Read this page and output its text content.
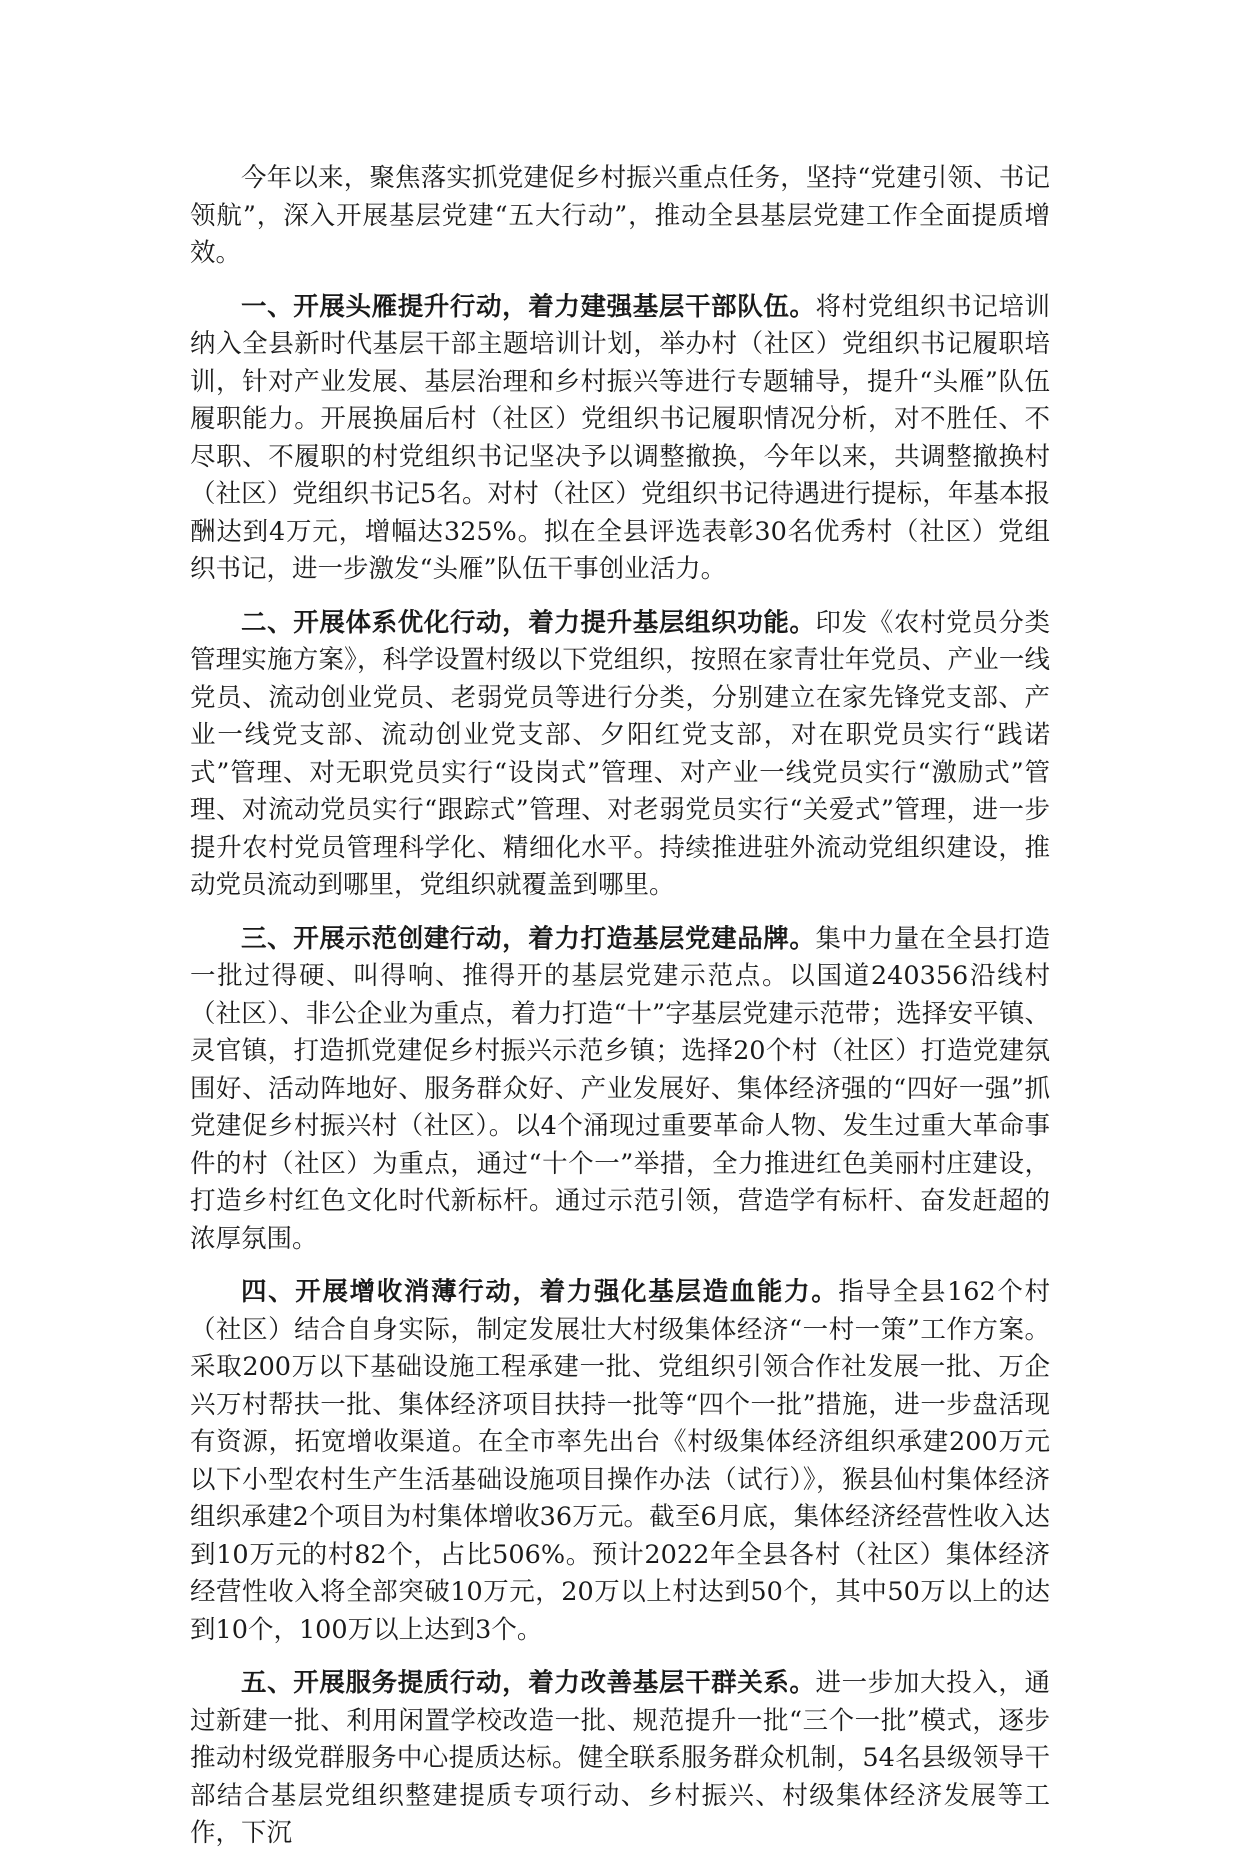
今年以来，聚焦落实抓党建促乡村振兴重点任务，坚持“党建引领、书记领航”，深入开展基层党建“五大行动”，推动全县基层党建工作全面提质增效。

一、开展头雁提升行动，着力建强基层干部队伍。将村党组织书记培训纳入全县新时代基层干部主题培训计划，举办村（社区）党组织书记履职培训，针对产业发展、基层治理和乡村振兴等进行专题辅导，提升“头雁”队伍履职能力。开展换届后村（社区）党组织书记履职情况分析，对不胜任、不尽职、不履职的村党组织书记坚决予以调整撤换，今年以来，共调整撤换村（社区）党组织书记5名。对村（社区）党组织书记待遇进行提标，年基本报酬达到4万元，增幅达325%。拟在全县评选表彰30名优秀村（社区）党组织书记，进一步激发“头雁”队伍干事创业活力。

二、开展体系优化行动，着力提升基层组织功能。印发《农村党员分类管理实施方案》，科学设置村级以下党组织，按照在家青壮年党员、产业一线党员、流动创业党员、老弱党员等进行分类，分别建立在家先锋党支部、产业一线党支部、流动创业党支部、夕阳红党支部，对在职党员实行“践诺式”管理、对无职党员实行“设岗式”管理、对产业一线党员实行“激励式”管理、对流动党员实行“跟踪式”管理、对老弱党员实行“关爱式”管理，进一步提升农村党员管理科学化、精细化水平。持续推进驻外流动党组织建设，推动党员流动到哪里，党组织就覆盖到哪里。

三、开展示范创建行动，着力打造基层党建品牌。集中力量在全县打造一批过得硬、叫得响、推得开的基层党建示范点。以国道240356沿线村（社区）、非公企业为重点，着力打造“十”字基层党建示范带；选择安平镇、灵官镇，打造抓党建促乡村振兴示范乡镇；选择20个村（社区）打造党建氛围好、活动阵地好、服务群众好、产业发展好、集体经济强的“四好一强”抓党建促乡村振兴村（社区）。以4个涌现过重要革命人物、发生过重大革命事件的村（社区）为重点，通过“十个一”举措，全力推进红色美丽村庄建设，打造乡村红色文化时代新标杆。通过示范引领，营造学有标杆、奋发赶超的浓厚氛围。

四、开展增收消薄行动，着力强化基层造血能力。指导全县162个村（社区）结合自身实际，制定发展壮大村级集体经济“一村一策”工作方案。采取200万以下基础设施工程承建一批、党组织引领合作社发展一批、万企兴万村帮扶一批、集体经济项目扶持一批等“四个一批”措施，进一步盘活现有资源，拓宽增收渠道。在全市率先出台《村级集体经济组织承建200万元以下小型农村生产生活基础设施项目操作办法（试行）》，猴县仙村集体经济组织承建2个项目为村集体增收36万元。截至6月底，集体经济经营性收入达到10万元的村82个，占比506%。预计2022年全县各村（社区）集体经济经营性收入将全部突破10万元，20万以上村达到50个，其中50万以上的达到10个，100万以上达到3个。

五、开展服务提质行动，着力改善基层干群关系。进一步加大投入，通过新建一批、利用闲置学校改造一批、规范提升一批“三个一批”模式，逐步推动村级党群服务中心提质达标。健全联系服务群众机制，54名县级领导干部结合基层党组织整建提质专项行动、乡村振兴、村级集体经济发展等工作，下沉
